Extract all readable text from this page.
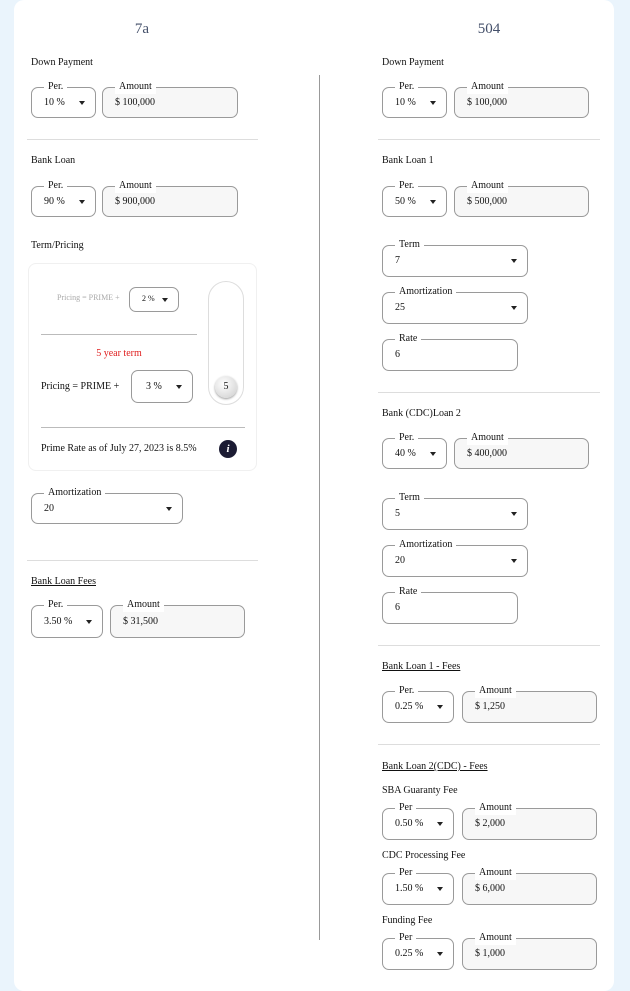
7a
Down Payment
Per.
10 %
Amount
$ 100,000
Bank Loan
Per.
90 %
Amount
$ 900,000
Term/Pricing
Pricing = PRIME +	2 %
5 year term
Pricing = PRIME +	3 %	5
Prime Rate as of July 27, 2023 is 8.5%	i
Amortization
20
Bank Loan Fees
Per.
3.50 %
Amount
$ 31,500
504
Down Payment
Per.
10 %
Amount
$ 100,000
Bank Loan 1
Per.
50 %
Amount
$ 500,000
Term
7
Amortization
25
Rate
6
Bank (CDC)Loan 2
Per.
40 %
Amount
$ 400,000
Term
5
Amortization
20
Rate
6
Bank Loan 1 - Fees
Per.
0.25 %
Amount
$ 1,250
Bank Loan 2(CDC) - Fees
SBA Guaranty Fee
Per
0.50 %
Amount
$ 2,000
CDC Processing Fee
Per
1.50 %
Amount
$ 6,000
Funding Fee
Per
0.25 %
Amount
$ 1,000
